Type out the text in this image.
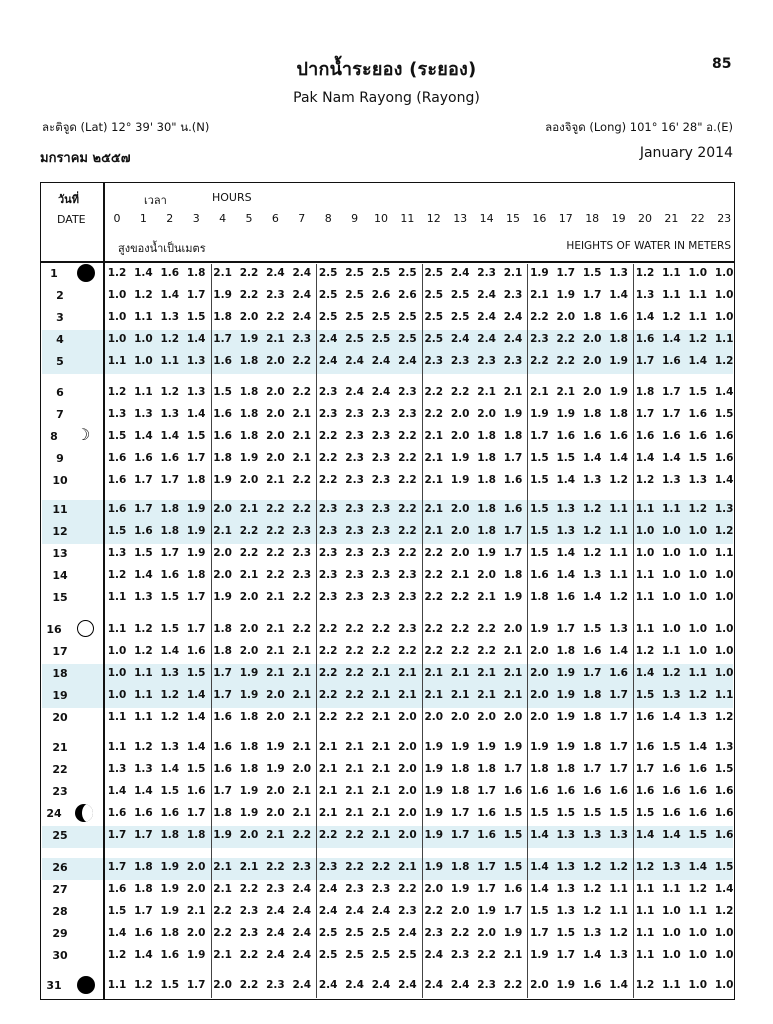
ปากน้ำระยอง (ระยอง)	85
Pak Nam Rayong (Rayong)
ละติจูด (Lat) 12° 39' 30" น.(N)	ลองจิจูด (Long) 101° 16' 28" อ.(E)
มกราคม ๒๕๕๗	January 2014
0	1	2	3	4	5	6	7	8	9	10 11 12 13 14 15 16 17 18 19 20 21 22 23
1	1.2 1.4 1.6 1.8 2.1 2.2 2.4 2.4 2.5 2.5 2.5 2.5 2.5 2.4 2.3 2.1 1.9 1.7 1.5 1.3 1.2 1.1 1.0 1.0
2	1.0 1.2 1.4 1.7 1.9 2.2 2.3 2.4 2.5 2.5 2.6 2.6 2.5 2.5 2.4 2.3 2.1 1.9 1.7 1.4 1.3 1.1 1.1 1.0
3	1.0 1.1 1.3 1.5 1.8 2.0 2.2 2.4 2.5 2.5 2.5 2.5 2.5 2.5 2.4 2.4 2.2 2.0 1.8 1.6 1.4 1.2 1.1 1.0
4	1.0 1.0 1.2 1.4 1.7 1.9 2.1 2.3 2.4 2.5 2.5 2.5 2.5 2.4 2.4 2.4 2.3 2.2 2.0 1.8 1.6 1.4 1.2 1.1
5	1.1 1.0 1.1 1.3 1.6 1.8 2.0 2.2 2.4 2.4 2.4 2.4 2.3 2.3 2.3 2.3 2.2 2.2 2.0 1.9 1.7 1.6 1.4 1.2
6	1.2 1.1 1.2 1.3 1.5 1.8 2.0 2.2 2.3 2.4 2.4 2.3 2.2 2.2 2.1 2.1 2.1 2.1 2.0 1.9 1.8 1.7 1.5 1.4
7	1.3 1.3 1.3 1.4 1.6 1.8 2.0 2.1 2.3 2.3 2.3 2.3 2.2 2.0 2.0 1.9 1.9 1.9 1.8 1.8 1.7 1.7 1.6 1.5
8	☽	1.5 1.4 1.4 1.5 1.6 1.8 2.0 2.1 2.2 2.3 2.3 2.2 2.1 2.0 1.8 1.8 1.7 1.6 1.6 1.6 1.6 1.6 1.6 1.6
9	1.6 1.6 1.6 1.7 1.8 1.9 2.0 2.1 2.2 2.3 2.3 2.2 2.1 1.9 1.8 1.7 1.5 1.5 1.4 1.4 1.4 1.4 1.5 1.6
10	1.6 1.7 1.7 1.8 1.9 2.0 2.1 2.2 2.2 2.3 2.3 2.2 2.1 1.9 1.8 1.6 1.5 1.4 1.3 1.2 1.2 1.3 1.3 1.4
11	1.6 1.7 1.8 1.9 2.0 2.1 2.2 2.2 2.3 2.3 2.3 2.2 2.1 2.0 1.8 1.6 1.5 1.3 1.2 1.1 1.1 1.1 1.2 1.3
12	1.5 1.6 1.8 1.9 2.1 2.2 2.2 2.3 2.3 2.3 2.3 2.2 2.1 2.0 1.8 1.7 1.5 1.3 1.2 1.1 1.0 1.0 1.0 1.2
13	1.3 1.5 1.7 1.9 2.0 2.2 2.2 2.3 2.3 2.3 2.3 2.2 2.2 2.0 1.9 1.7 1.5 1.4 1.2 1.1 1.0 1.0 1.0 1.1
14	1.2 1.4 1.6 1.8 2.0 2.1 2.2 2.3 2.3 2.3 2.3 2.3 2.2 2.1 2.0 1.8 1.6 1.4 1.3 1.1 1.1 1.0 1.0 1.0
15	1.1 1.3 1.5 1.7 1.9 2.0 2.1 2.2 2.3 2.3 2.3 2.3 2.2 2.2 2.1 1.9 1.8 1.6 1.4 1.2 1.1 1.0 1.0 1.0
16	1.1 1.2 1.5 1.7 1.8 2.0 2.1 2.2 2.2 2.2 2.2 2.3 2.2 2.2 2.2 2.0 1.9 1.7 1.5 1.3 1.1 1.0 1.0 1.0
17	1.0 1.2 1.4 1.6 1.8 2.0 2.1 2.1 2.2 2.2 2.2 2.2 2.2 2.2 2.2 2.1 2.0 1.8 1.6 1.4 1.2 1.1 1.0 1.0
18	1.0 1.1 1.3 1.5 1.7 1.9 2.1 2.1 2.2 2.2 2.1 2.1 2.1 2.1 2.1 2.1 2.0 1.9 1.7 1.6 1.4 1.2 1.1 1.0
19	1.0 1.1 1.2 1.4 1.7 1.9 2.0 2.1 2.2 2.2 2.1 2.1 2.1 2.1 2.1 2.1 2.0 1.9 1.8 1.7 1.5 1.3 1.2 1.1
20	1.1 1.1 1.2 1.4 1.6 1.8 2.0 2.1 2.2 2.2 2.1 2.0 2.0 2.0 2.0 2.0 2.0 1.9 1.8 1.7 1.6 1.4 1.3 1.2
21	1.1 1.2 1.3 1.4 1.6 1.8 1.9 2.1 2.1 2.1 2.1 2.0 1.9 1.9 1.9 1.9 1.9 1.9 1.8 1.7 1.6 1.5 1.4 1.3
22	1.3 1.3 1.4 1.5 1.6 1.8 1.9 2.0 2.1 2.1 2.1 2.0 1.9 1.8 1.8 1.7 1.8 1.8 1.7 1.7 1.7 1.6 1.6 1.5
23	1.4 1.4 1.5 1.6 1.7 1.9 2.0 2.1 2.1 2.1 2.1 2.0 1.9 1.8 1.7 1.6 1.6 1.6 1.6 1.6 1.6 1.6 1.6 1.6
24	1.6 1.6 1.6 1.7 1.8 1.9 2.0 2.1 2.1 2.1 2.1 2.0 1.9 1.7 1.6 1.5 1.5 1.5 1.5 1.5 1.5 1.6 1.6 1.6
25	1.7 1.7 1.8 1.8 1.9 2.0 2.1 2.2 2.2 2.2 2.1 2.0 1.9 1.7 1.6 1.5 1.4 1.3 1.3 1.3 1.4 1.4 1.5 1.6
26	1.7 1.8 1.9 2.0 2.1 2.1 2.2 2.3 2.3 2.2 2.2 2.1 1.9 1.8 1.7 1.5 1.4 1.3 1.2 1.2 1.2 1.3 1.4 1.5
27	1.6 1.8 1.9 2.0 2.1 2.2 2.3 2.4 2.4 2.3 2.3 2.2 2.0 1.9 1.7 1.6 1.4 1.3 1.2 1.1 1.1 1.1 1.2 1.4
28	1.5 1.7 1.9 2.1 2.2 2.3 2.4 2.4 2.4 2.4 2.4 2.3 2.2 2.0 1.9 1.7 1.5 1.3 1.2 1.1 1.1 1.0 1.1 1.2
29	1.4 1.6 1.8 2.0 2.2 2.3 2.4 2.4 2.5 2.5 2.5 2.4 2.3 2.2 2.0 1.9 1.7 1.5 1.3 1.2 1.1 1.0 1.0 1.0
30	1.2 1.4 1.6 1.9 2.1 2.2 2.4 2.4 2.5 2.5 2.5 2.5 2.4 2.3 2.2 2.1 1.9 1.7 1.4 1.3 1.1 1.0 1.0 1.0
31	1.1 1.2 1.5 1.7 2.0 2.2 2.3 2.4 2.4 2.4 2.4 2.4 2.4 2.4 2.3 2.2 2.0 1.9 1.6 1.4 1.2 1.1 1.0 1.0
วันที่
DATE
เวลา	HOURS
สูงของน้ำเป็นเมตร	HEIGHTS OF WATER IN METERS
